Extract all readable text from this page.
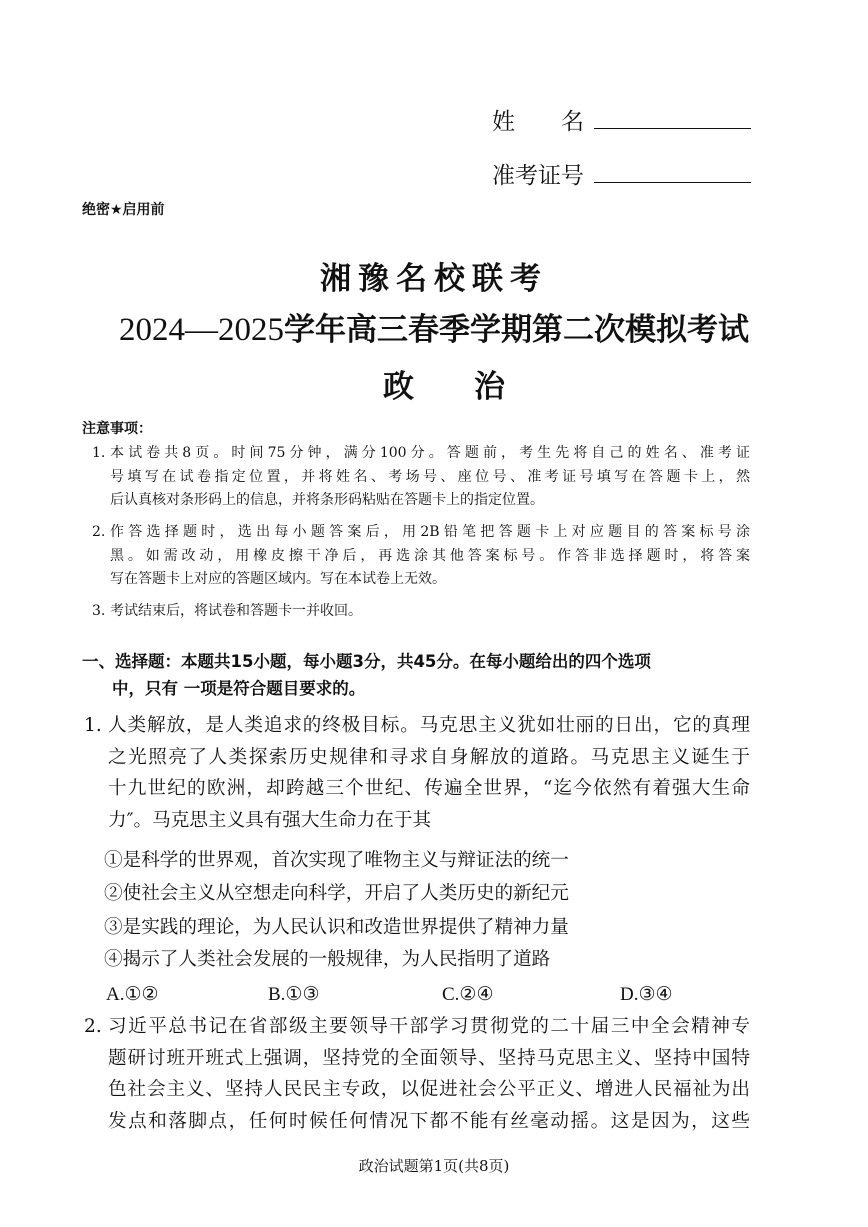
姓　　名
准考证号
绝密★启用前
湘豫名校联考
2024—2025学年高三春季学期第二次模拟考试
政治
注意事项：
1. 本试卷共8页。时间75分钟，满分100分。答题前，考生先将自己的姓名、准考证
号填写在试卷指定位置，并将姓名、考场号、座位号、准考证号填写在答题卡上，然
后认真核对条形码上的信息，并将条形码粘贴在答题卡上的指定位置。
2. 作答选择题时，选出每小题答案后，用2B铅笔把答题卡上对应题目的答案标号涂
黑。如需改动，用橡皮擦干净后，再选涂其他答案标号。作答非选择题时，将答案
写在答题卡上对应的答题区域内。写在本试卷上无效。
3. 考试结束后，将试卷和答题卡一并收回。
一、选择题：本题共15小题，每小题3分，共45分。在每小题给出的四个选项
中，只有 一项是符合题目要求的。
1. 人类解放，是人类追求的终极目标。马克思主义犹如壮丽的日出，它的真理
之光照亮了人类探索历史规律和寻求自身解放的道路。马克思主义诞生于
十九世纪的欧洲，却跨越三个世纪、传遍全世界，“迄今依然有着强大生命
力″。马克思主义具有强大生命力在于其
①是科学的世界观，首次实现了唯物主义与辩证法的统一
②使社会主义从空想走向科学，开启了人类历史的新纪元
③是实践的理论，为人民认识和改造世界提供了精神力量
④揭示了人类社会发展的一般规律，为人民指明了道路
A.①②	B.①③	C.②④	D.③④
2. 习近平总书记在省部级主要领导干部学习贯彻党的二十届三中全会精神专
题研讨班开班式上强调，坚持党的全面领导、坚持马克思主义、坚持中国特
色社会主义、坚持人民民主专政，以促进社会公平正义、增进人民福祉为出
发点和落脚点，任何时候任何情况下都不能有丝毫动摇。这是因为，这些
政治试题第1页(共8页)
